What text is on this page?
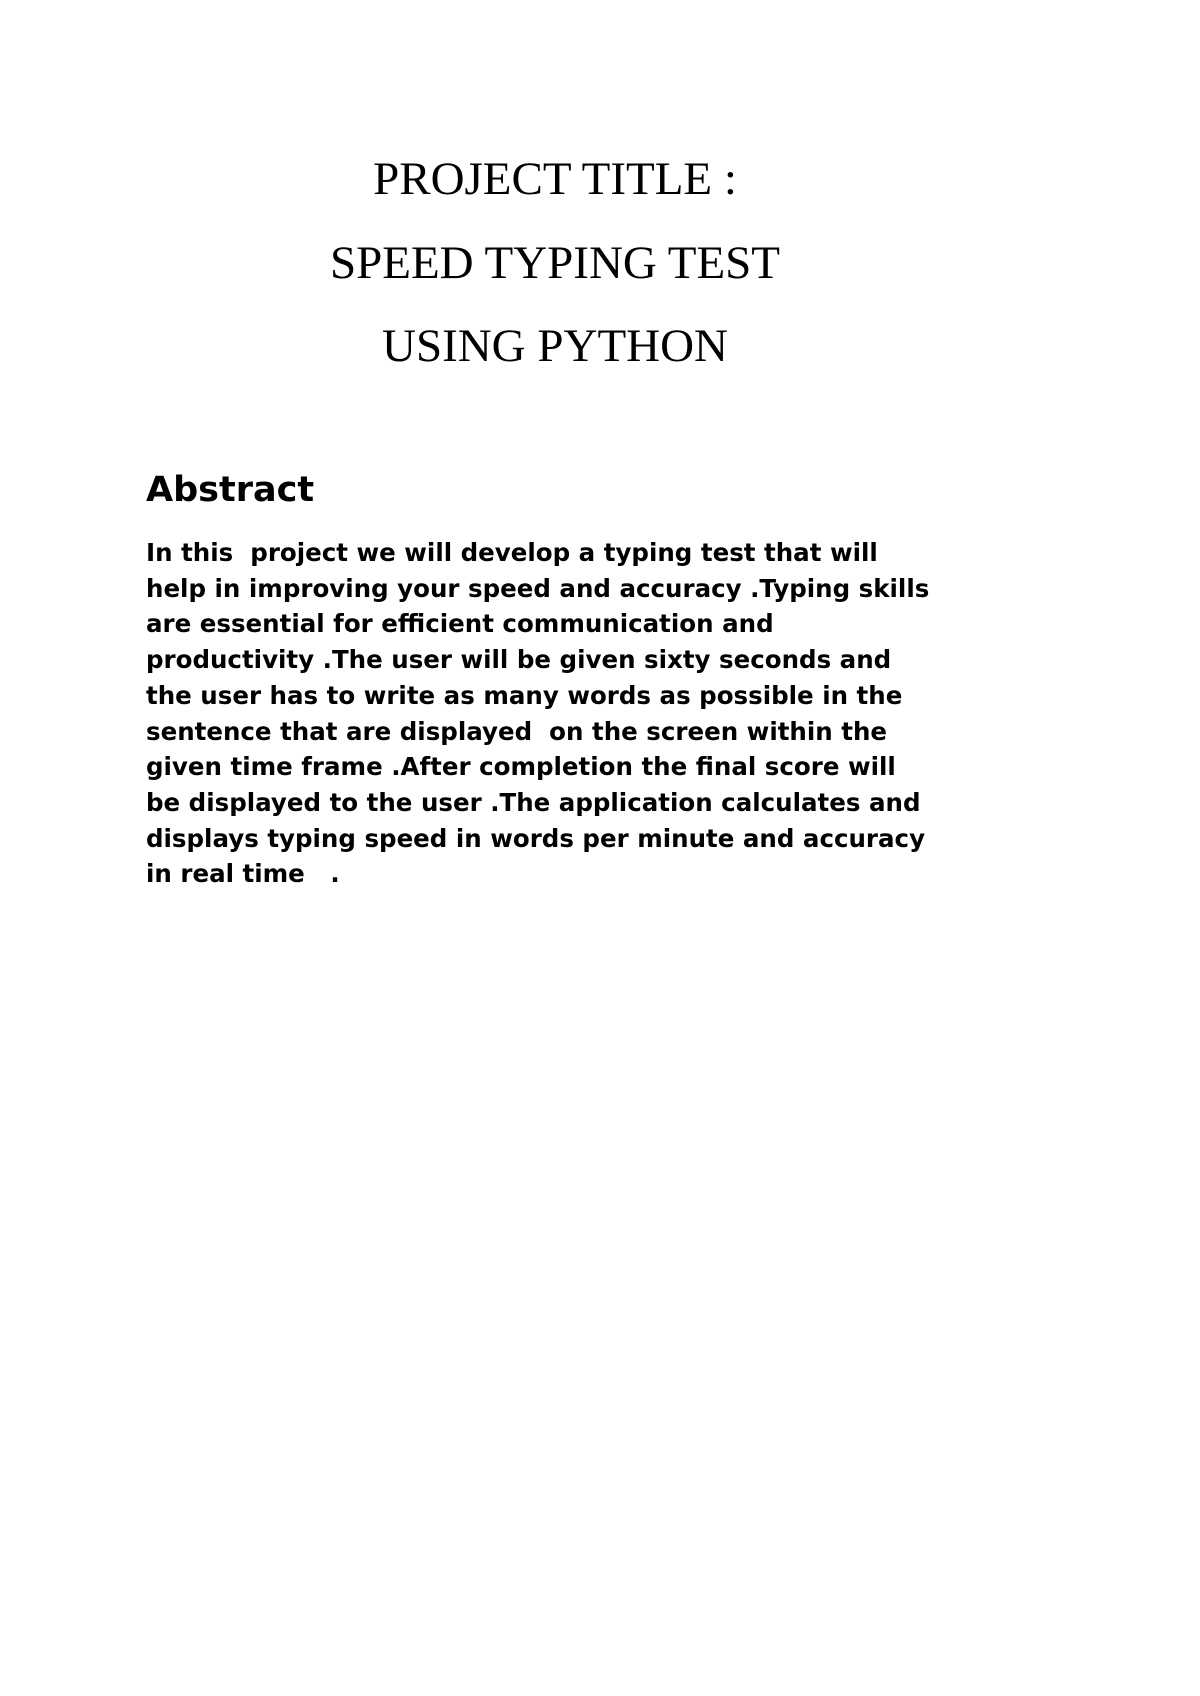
PROJECT TITLE :
SPEED TYPING TEST
USING PYTHON
Abstract
In this  project we will develop a typing test that will
help in improving your speed and accuracy .Typing skills
are essential for efficient communication and
productivity .The user will be given sixty seconds and
the user has to write as many words as possible in the
sentence that are displayed  on the screen within the
given time frame .After completion the final score will
be displayed to the user .The application calculates and
displays typing speed in words per minute and accuracy
in real time   .
